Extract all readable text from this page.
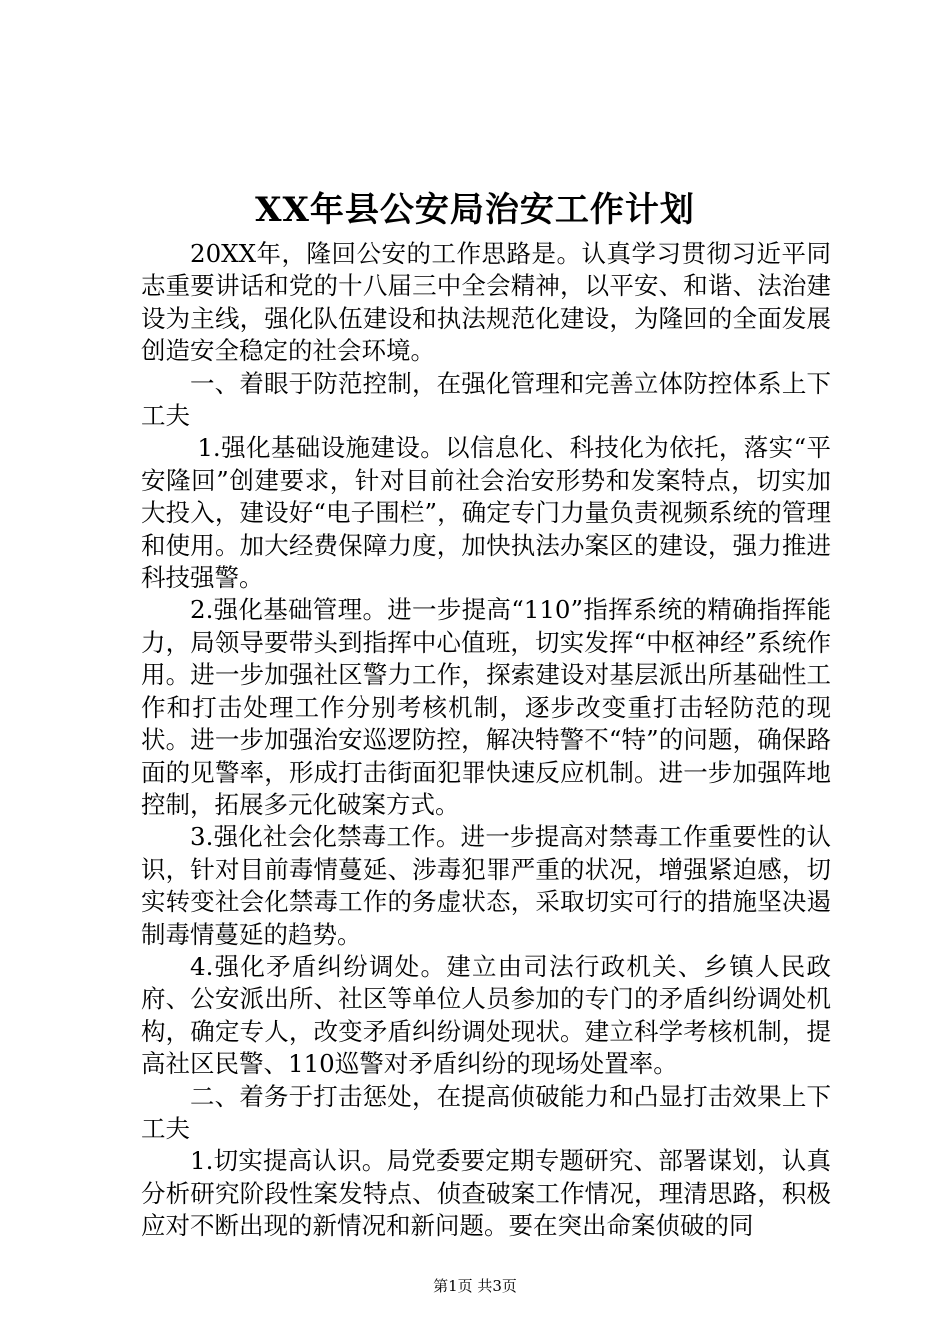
XX年县公安局治安工作计划

20XX年，隆回公安的工作思路是。认真学习贯彻习近平同志重要讲话和党的十八届三中全会精神，以平安、和谐、法治建设为主线，强化队伍建设和执法规范化建设，为隆回的全面发展创造安全稳定的社会环境。

一、着眼于防范控制，在强化管理和完善立体防控体系上下工夫

1.强化基础设施建设。以信息化、科技化为依托，落实“平安隆回”创建要求，针对目前社会治安形势和发案特点，切实加大投入，建设好“电子围栏”，确定专门力量负责视频系统的管理和使用。加大经费保障力度，加快执法办案区的建设，强力推进科技强警。

2.强化基础管理。进一步提高“110”指挥系统的精确指挥能力，局领导要带头到指挥中心值班，切实发挥“中枢神经”系统作用。进一步加强社区警力工作，探索建设对基层派出所基础性工作和打击处理工作分别考核机制，逐步改变重打击轻防范的现状。进一步加强治安巡逻防控，解决特警不“特”的问题，确保路面的见警率，形成打击街面犯罪快速反应机制。进一步加强阵地控制，拓展多元化破案方式。

3.强化社会化禁毒工作。进一步提高对禁毒工作重要性的认识，针对目前毒情蔓延、涉毒犯罪严重的状况，增强紧迫感，切实转变社会化禁毒工作的务虚状态，采取切实可行的措施坚决遏制毒情蔓延的趋势。

4.强化矛盾纠纷调处。建立由司法行政机关、乡镇人民政府、公安派出所、社区等单位人员参加的专门的矛盾纠纷调处机构，确定专人，改变矛盾纠纷调处现状。建立科学考核机制，提高社区民警、110巡警对矛盾纠纷的现场处置率。

二、着务于打击惩处，在提高侦破能力和凸显打击效果上下工夫

1.切实提高认识。局党委要定期专题研究、部署谋划，认真分析研究阶段性案发特点、侦查破案工作情况，理清思路，积极应对不断出现的新情况和新问题。要在突出命案侦破的同

第1页 共3页
